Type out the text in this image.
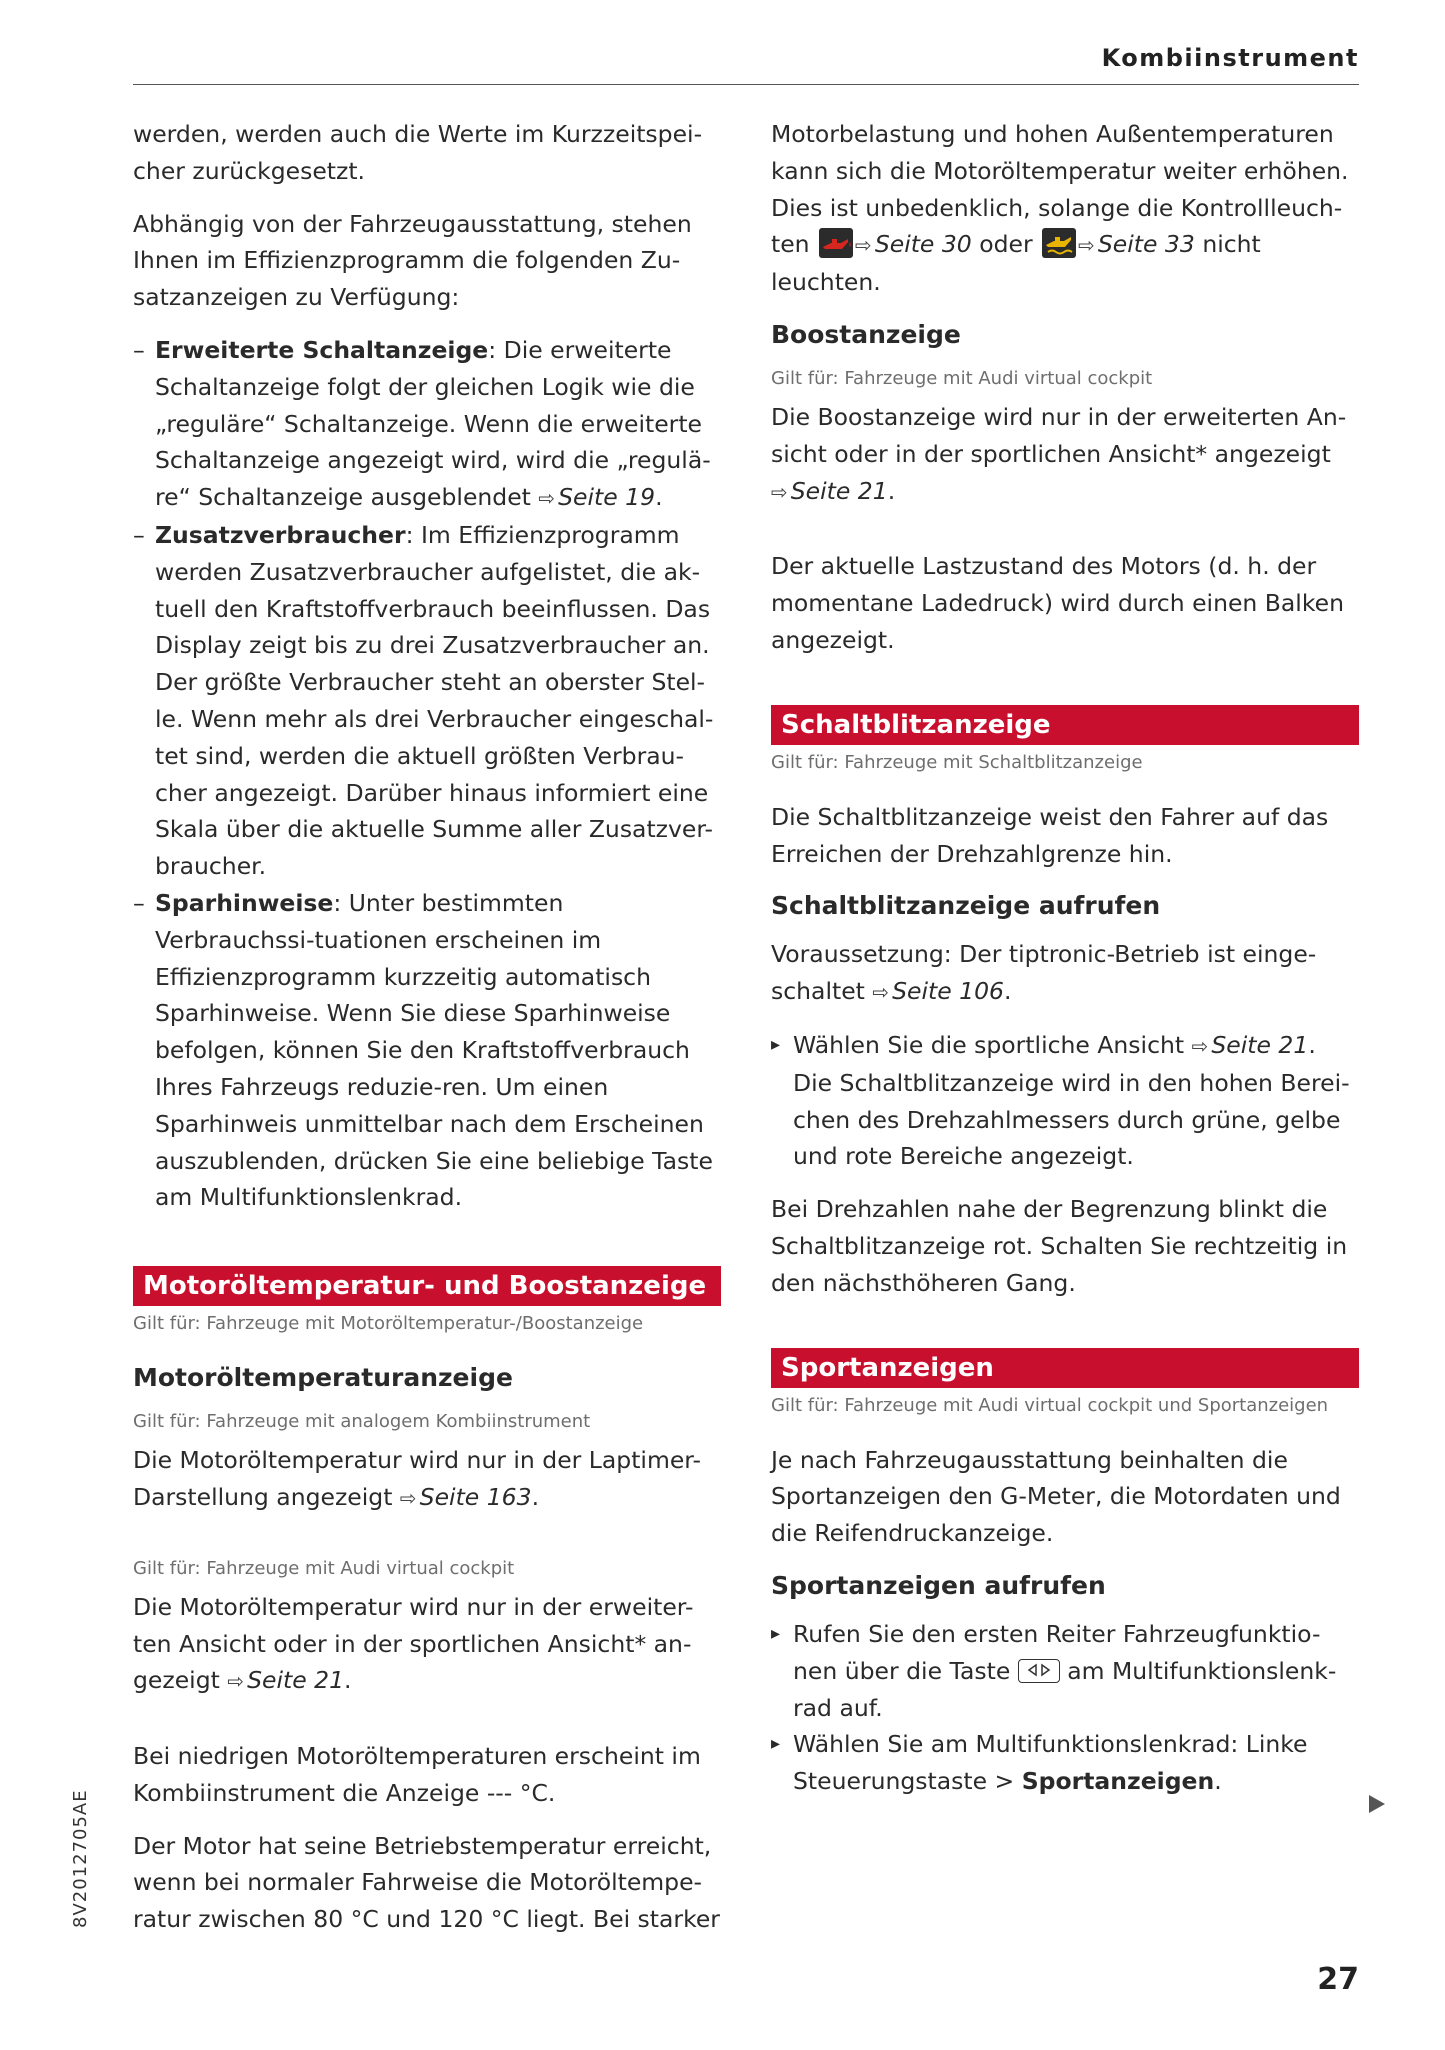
Kombiinstrument

werden, werden auch die Werte im Kurzzeitspei-cher zurückgesetzt.

Abhängig von der Fahrzeugausstattung, stehen Ihnen im Effizienzprogramm die folgenden Zu-satzanzeigen zu Verfügung:

– Erweiterte Schaltanzeige: Die erweiterte Schaltanzeige folgt der gleichen Logik wie die „reguläre“ Schaltanzeige. Wenn die erweiterte Schaltanzeige angezeigt wird, wird die „regulä-re“ Schaltanzeige ausgeblendet ⇨ Seite 19.
– Zusatzverbraucher: Im Effizienzprogramm werden Zusatzverbraucher aufgelistet, die ak-tuell den Kraftstoffverbrauch beeinflussen. Das Display zeigt bis zu drei Zusatzverbraucher an. Der größte Verbraucher steht an oberster Stel-le. Wenn mehr als drei Verbraucher eingeschal-tet sind, werden die aktuell größten Verbrau-cher angezeigt. Darüber hinaus informiert eine Skala über die aktuelle Summe aller Zusatzver-braucher.
– Sparhinweise: Unter bestimmten Verbrauchssi-tuationen erscheinen im Effizienzprogramm kurzzeitig automatisch Sparhinweise. Wenn Sie diese Sparhinweise befolgen, können Sie den Kraftstoffverbrauch Ihres Fahrzeugs reduzie-ren. Um einen Sparhinweis unmittelbar nach dem Erscheinen auszublenden, drücken Sie eine beliebige Taste am Multifunktionslenkrad.
Motoröltemperatur- und Boostanzeige
Gilt für: Fahrzeuge mit Motoröltemperatur-/Boostanzeige
Motoröltemperaturanzeige
Gilt für: Fahrzeuge mit analogem Kombiinstrument

Die Motoröltemperatur wird nur in der Laptimer-Darstellung angezeigt ⇨ Seite 163.

Gilt für: Fahrzeuge mit Audi virtual cockpit

Die Motoröltemperatur wird nur in der erweiter-ten Ansicht oder in der sportlichen Ansicht* an-gezeigt ⇨ Seite 21.

Bei niedrigen Motoröltemperaturen erscheint im Kombiinstrument die Anzeige --- °C.

Der Motor hat seine Betriebstemperatur erreicht, wenn bei normaler Fahrweise die Motoröltempe-ratur zwischen 80 °C und 120 °C liegt. Bei starker

Motorbelastung und hohen Außentemperaturen kann sich die Motoröltemperatur weiter erhöhen. Dies ist unbedenklich, solange die Kontrollleuch-ten
⇨ Seite 30 oder
⇨ Seite 33 nicht leuchten.

Boostanzeige
Gilt für: Fahrzeuge mit Audi virtual cockpit

Die Boostanzeige wird nur in der erweiterten An-sicht oder in der sportlichen Ansicht* angezeigt ⇨ Seite 21.

Der aktuelle Lastzustand des Motors (d. h. der momentane Ladedruck) wird durch einen Balken angezeigt.

Schaltblitzanzeige
Gilt für: Fahrzeuge mit Schaltblitzanzeige

Die Schaltblitzanzeige weist den Fahrer auf das Erreichen der Drehzahlgrenze hin.

Schaltblitzanzeige aufrufen

Voraussetzung: Der tiptronic-Betrieb ist einge-schaltet ⇨ Seite 106.

▸ Wählen Sie die sportliche Ansicht ⇨ Seite 21. Die Schaltblitzanzeige wird in den hohen Berei-chen des Drehzahlmessers durch grüne, gelbe und rote Bereiche angezeigt.

Bei Drehzahlen nahe der Begrenzung blinkt die Schaltblitzanzeige rot. Schalten Sie rechtzeitig in den nächsthöheren Gang.

Sportanzeigen
Gilt für: Fahrzeuge mit Audi virtual cockpit und Sportanzeigen

Je nach Fahrzeugausstattung beinhalten die Sportanzeigen den G-Meter, die Motordaten und die Reifendruckanzeige.

Sportanzeigen aufrufen
▸ Rufen Sie den ersten Reiter Fahrzeugfunktio-nen über die Taste
am Multifunktionslenk-rad auf.
▸ Wählen Sie am Multifunktionslenkrad: Linke Steuerungstaste > Sportanzeigen.
8V2012705AE
27
